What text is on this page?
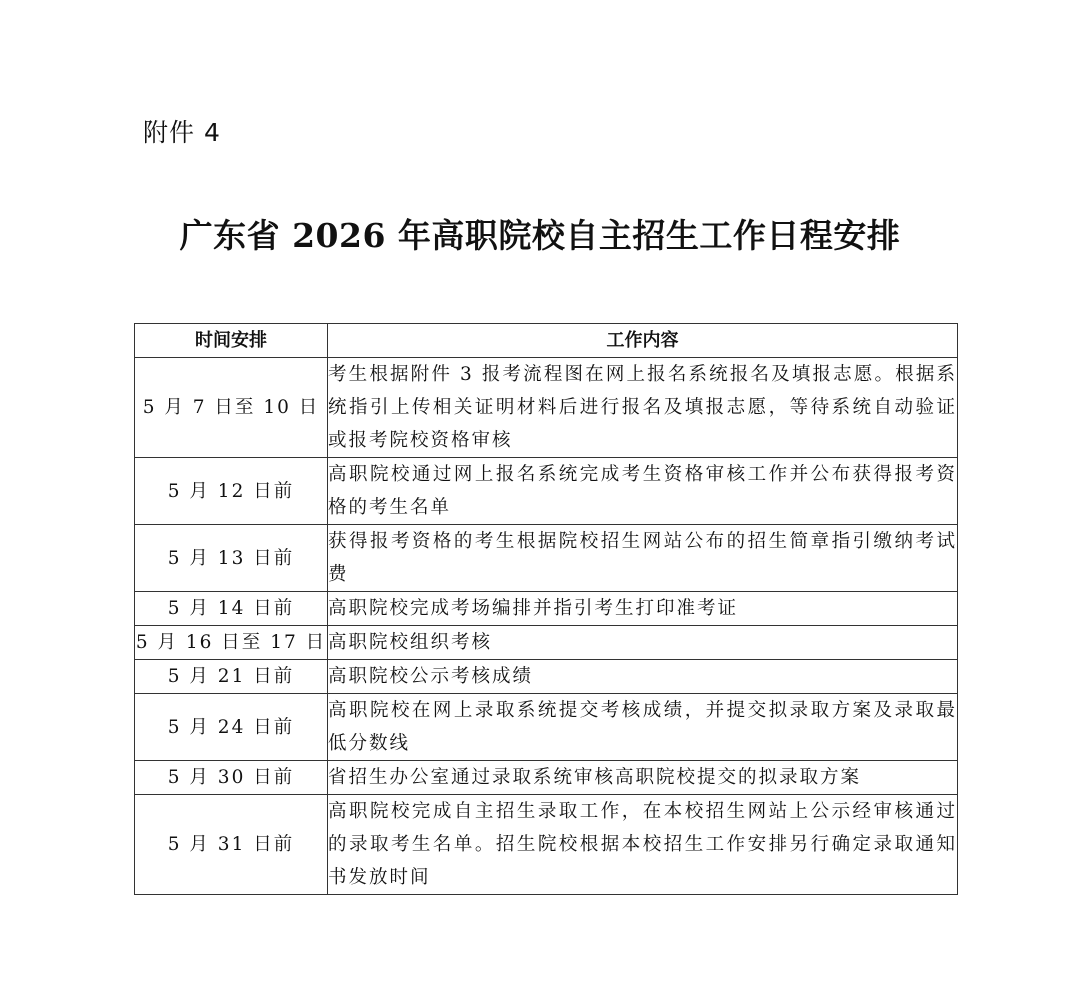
附件 4
广东省 2026 年高职院校自主招生工作日程安排
时间安排	工作内容
5 月 7 日至 10 日	考生根据附件 3 报考流程图在网上报名系统报名及填报志愿。根据系统指引上传相关证明材料后进行报名及填报志愿，等待系统自动验证或报考院校资格审核
5 月 12 日前	高职院校通过网上报名系统完成考生资格审核工作并公布获得报考资格的考生名单
5 月 13 日前	获得报考资格的考生根据院校招生网站公布的招生简章指引缴纳考试费
5 月 14 日前	高职院校完成考场编排并指引考生打印准考证
5 月 16 日至 17 日	高职院校组织考核
5 月 21 日前	高职院校公示考核成绩
5 月 24 日前	高职院校在网上录取系统提交考核成绩，并提交拟录取方案及录取最低分数线
5 月 30 日前	省招生办公室通过录取系统审核高职院校提交的拟录取方案
5 月 31 日前	高职院校完成自主招生录取工作，在本校招生网站上公示经审核通过的录取考生名单。招生院校根据本校招生工作安排另行确定录取通知书发放时间
